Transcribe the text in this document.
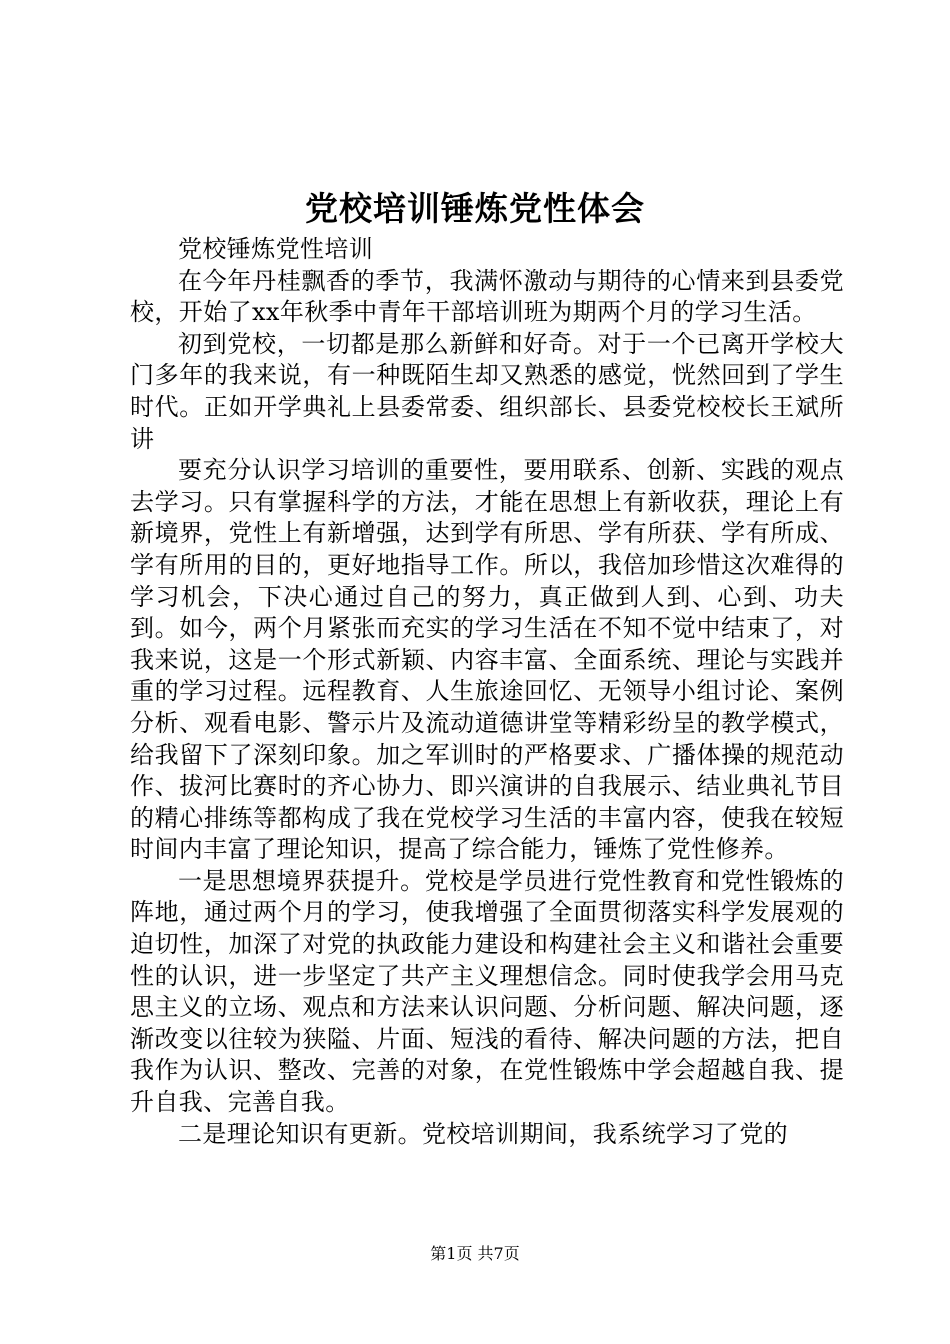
党校培训锤炼党性体会

党校锤炼党性培训

在今年丹桂飘香的季节，我满怀激动与期待的心情来到县委党校，开始了xx年秋季中青年干部培训班为期两个月的学习生活。

初到党校，一切都是那么新鲜和好奇。对于一个已离开学校大门多年的我来说，有一种既陌生却又熟悉的感觉，恍然回到了学生时代。正如开学典礼上县委常委、组织部长、县委党校校长王斌所讲

要充分认识学习培训的重要性，要用联系、创新、实践的观点去学习。只有掌握科学的方法，才能在思想上有新收获，理论上有新境界，党性上有新增强，达到学有所思、学有所获、学有所成、学有所用的目的，更好地指导工作。所以，我倍加珍惜这次难得的学习机会，下决心通过自己的努力，真正做到人到、心到、功夫到。如今，两个月紧张而充实的学习生活在不知不觉中结束了，对我来说，这是一个形式新颖、内容丰富、全面系统、理论与实践并重的学习过程。远程教育、人生旅途回忆、无领导小组讨论、案例分析、观看电影、警示片及流动道德讲堂等精彩纷呈的教学模式，给我留下了深刻印象。加之军训时的严格要求、广播体操的规范动作、拔河比赛时的齐心协力、即兴演讲的自我展示、结业典礼节目的精心排练等都构成了我在党校学习生活的丰富内容，使我在较短时间内丰富了理论知识，提高了综合能力，锤炼了党性修养。

一是思想境界获提升。党校是学员进行党性教育和党性锻炼的阵地，通过两个月的学习，使我增强了全面贯彻落实科学发展观的迫切性，加深了对党的执政能力建设和构建社会主义和谐社会重要性的认识，进一步坚定了共产主义理想信念。同时使我学会用马克思主义的立场、观点和方法来认识问题、分析问题、解决问题，逐渐改变以往较为狭隘、片面、短浅的看待、解决问题的方法，把自我作为认识、整改、完善的对象，在党性锻炼中学会超越自我、提升自我、完善自我。

二是理论知识有更新。党校培训期间，我系统学习了党的

第1页 共7页
